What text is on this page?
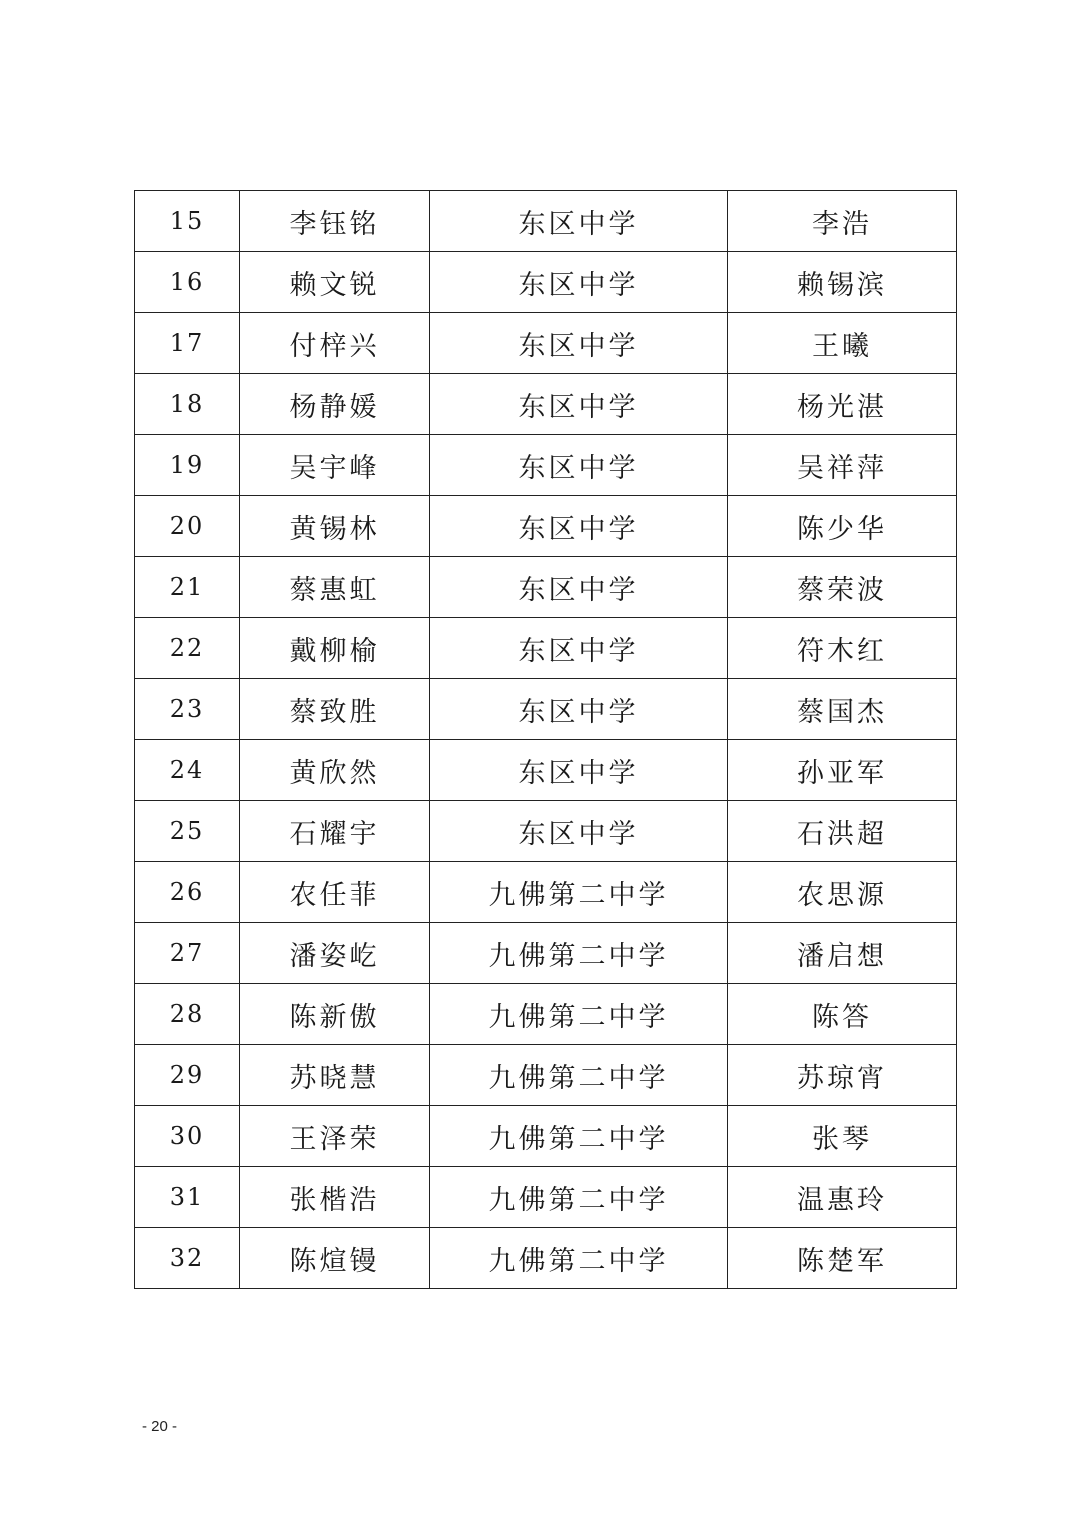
15	李钰铭	东区中学	李浩
16	赖文锐	东区中学	赖锡滨
17	付梓兴	东区中学	王曦
18	杨静媛	东区中学	杨光湛
19	吴宇峰	东区中学	吴祥萍
20	黄锡林	东区中学	陈少华
21	蔡惠虹	东区中学	蔡荣波
22	戴柳榆	东区中学	符木红
23	蔡致胜	东区中学	蔡国杰
24	黄欣然	东区中学	孙亚军
25	石耀宇	东区中学	石洪超
26	农任菲	九佛第二中学	农思源
27	潘姿屹	九佛第二中学	潘启想
28	陈新傲	九佛第二中学	陈答
29	苏晓慧	九佛第二中学	苏琼宵
30	王泽荣	九佛第二中学	张琴
31	张楷浩	九佛第二中学	温惠玲
32	陈煊镘	九佛第二中学	陈楚军
- 20 -
